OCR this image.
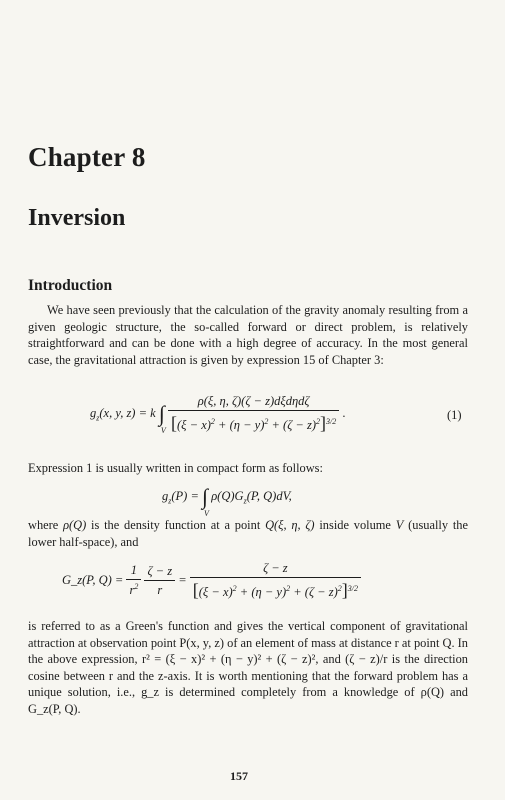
Chapter 8
Inversion
Introduction

We have seen previously that the calculation of the gravity anomaly resulting from a given geologic structure, the so-called forward or direct problem, is relatively straightforward and can be done with a high degree of accuracy. In the most general case, the gravitational attraction is given by expression 15 of Chapter 3:

$g_z(x$, y, z) = k ∫
V
$\frac{\text{ρ(ξ, η, ζ)(ζ − z)dξdηdζ}}{[(\xi - x)^2 + (\eta - y)^2 + (\zeta - z)^2]^{3/2}}$ .	(1)

Expression 1 is usually written in compact form as follows:

$g_z(P)$ = ∫
V
$\rho(Q)G_z(P$, Q)dV,

where ρ(Q) is the density function at a point Q(ξ, η, ζ) inside volume V (usually the lower half-space), and

G_z(P, $Q) = \frac{1}{r^2}$
$\frac{\zeta - z}{r} = \frac{\zeta - z}{[(\xi - x)^2 + (\eta - y)^2 + (\zeta - z)^2]^{3/2}}$

is referred to as a Green's function and gives the vertical component of gravitational attraction at observation point P(x, y, z) of an element of mass at distance r at point Q. In the above expression, r² = (ξ − x)² + (η − y)² + (ζ − z)², and (ζ − z)/r is the direction cosine between r and the z-axis. It is worth mentioning that the forward problem has a unique solution, i.e., g_z is determined completely from a knowledge of ρ(Q) and G_z(P, Q).

157
